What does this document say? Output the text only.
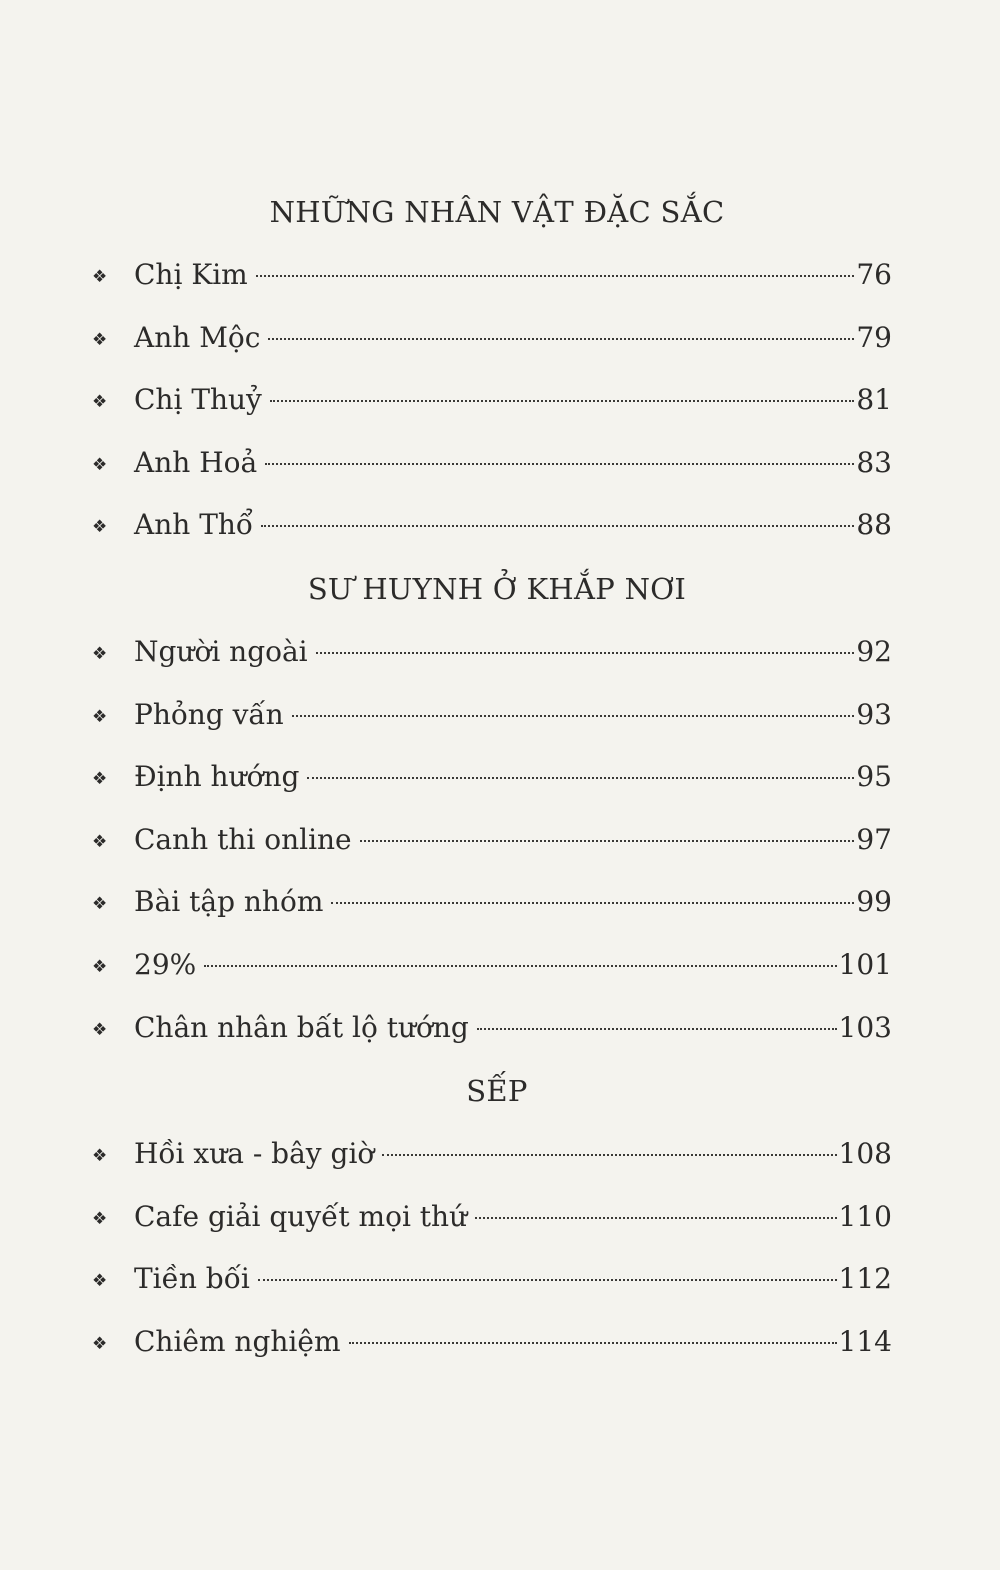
NHỮNG NHÂN VẬT ĐẶC SẮC
❖ Chị Kim	76
❖ Anh Mộc	79
❖ Chị Thuỷ	81
❖ Anh Hoả	83
❖ Anh Thổ	88
SƯ HUYNH Ở KHẮP NƠI
❖ Người ngoài	92
❖ Phỏng vấn	93
❖ Định hướng	95
❖ Canh thi online	97
❖ Bài tập nhóm	99
❖ 29%	101
❖ Chân nhân bất lộ tướng	103
SẾP
❖ Hồi xưa - bây giờ	108
❖ Cafe giải quyết mọi thứ	110
❖ Tiền bối	112
❖ Chiêm nghiệm	114
